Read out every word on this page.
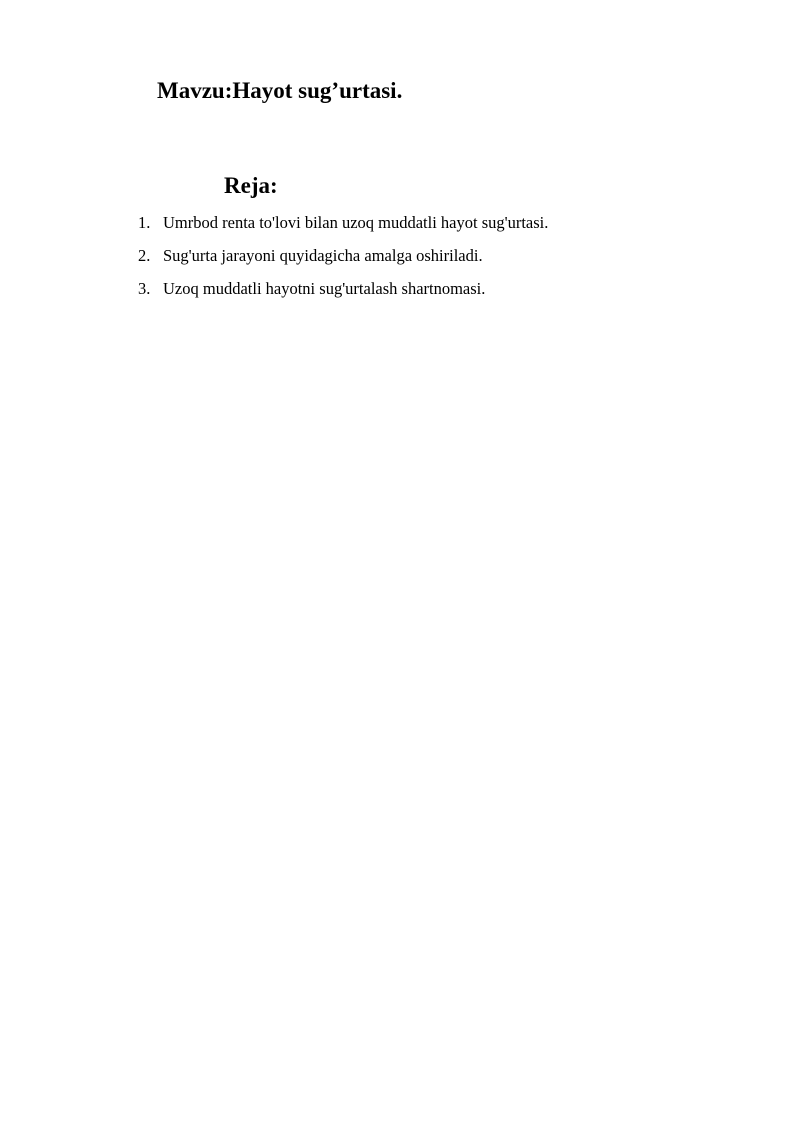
Mavzu:Hayot sug’urtasi.
Reja:
1. Umrbod renta to'lovi bilan uzoq muddatli hayot sug'urtasi.
2. Sug'urta jarayoni quyidagicha amalga oshiriladi.
3. Uzoq muddatli hayotni sug'urtalash shartnomasi.
